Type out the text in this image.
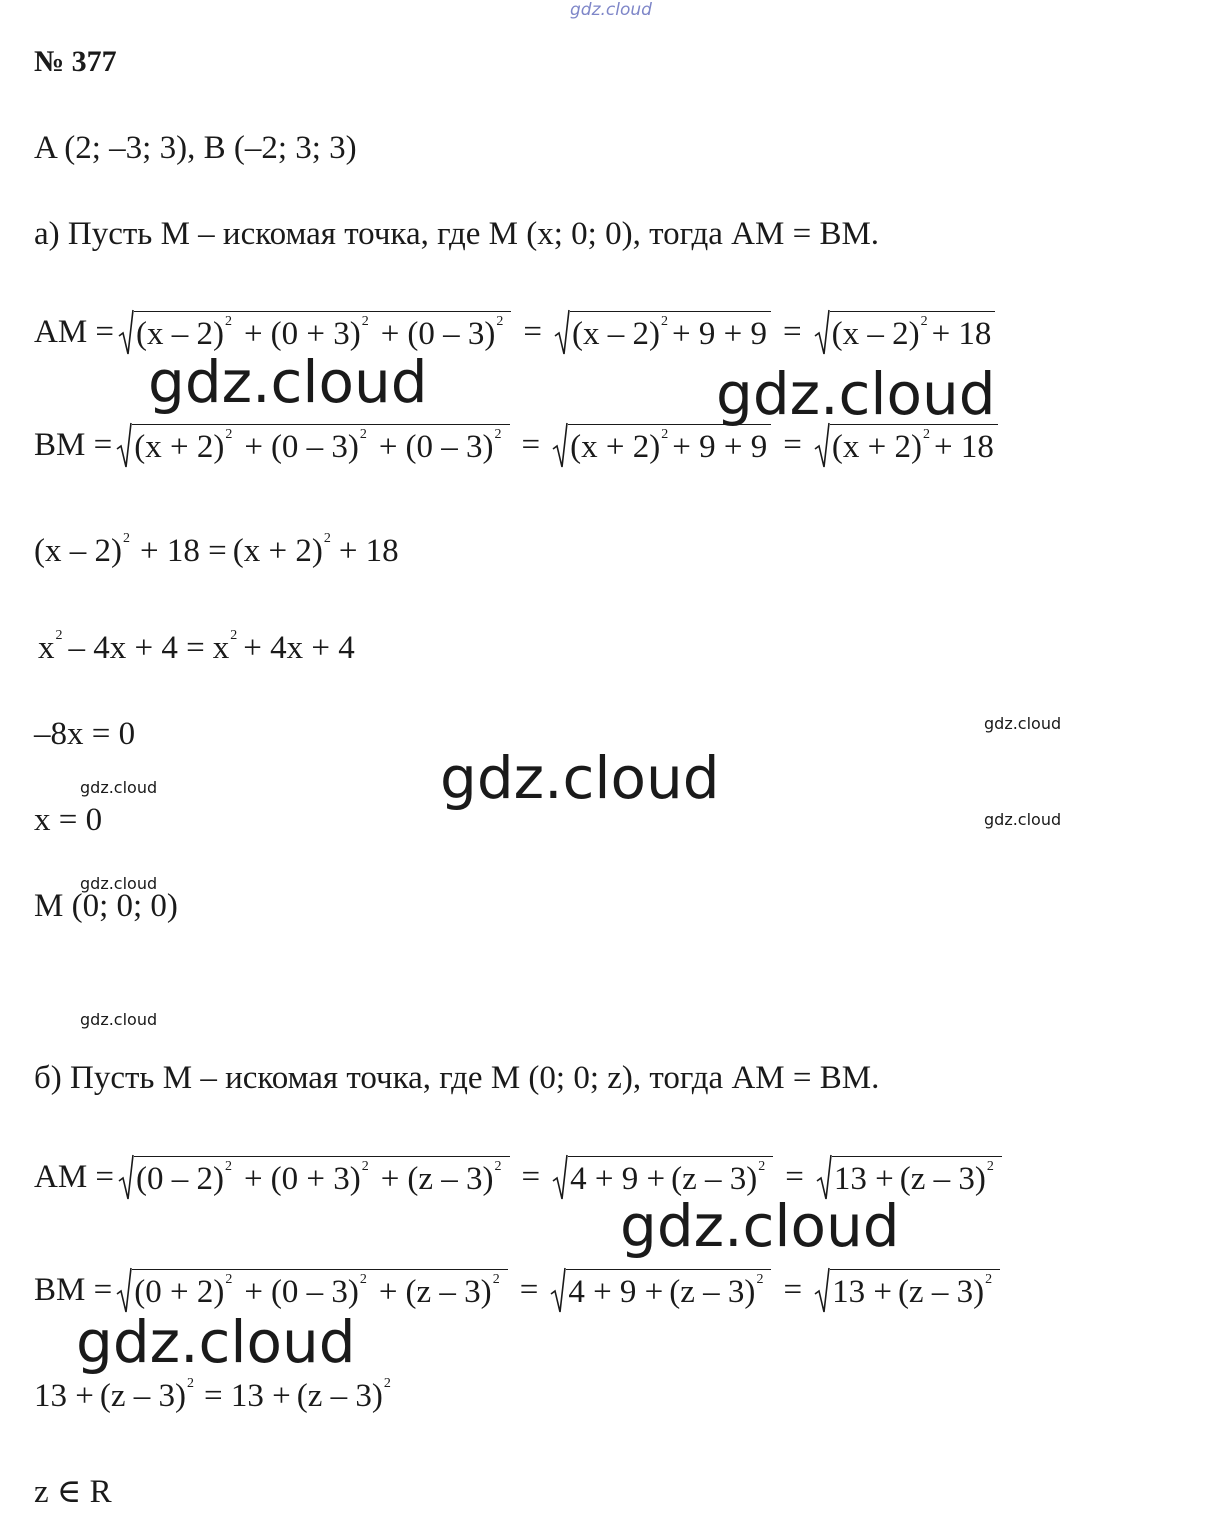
gdz.cloud
№ 377
A (2; –3; 3), B (–2; 3; 3)
а) Пусть M – искомая точка, где M (x; 0; 0), тогда AM = BM.
AM = $(x - 2)^2 + (0 + 3)^2 + (0 - 3)^2 = (x - 2)^2 + 9 + 9 = (x - 2)^2 + 18$
BM = $(x + 2)^2 + (0 - 3)^2 + (0 - 3)^2 = (x + 2)^2 + 9 + 9 = (x + 2)^2 + 18$
$(x - 2)^2 + 18 = (x + 2)^2 + 18$
$x^2 - 4x + 4 = x^2 + 4x + 4$
–8x = 0
x = 0
M (0; 0; 0)
б) Пусть M – искомая точка, где M (0; 0; z), тогда AM = BM.
AM = $(0 - 2)^2 + (0 + 3)^2 + (z - 3)^2 = 4 + 9 + (z - 3)^2 = 13 + (z - 3)^2$
BM = $(0 + 2)^2 + (0 - 3)^2 + (z - 3)^2 = 4 + 9 + (z - 3)^2 = 13 + (z - 3)^2$
13 + (z – 3)$^2$ = 13 + (z – 3)$^2$
z ∈ R
gdz.cloud	gdz.cloud
gdz.cloud
gdz.cloud
gdz.cloud
gdz.cloud
gdz.cloud
gdz.cloud
gdz.cloud
gdz.cloud
